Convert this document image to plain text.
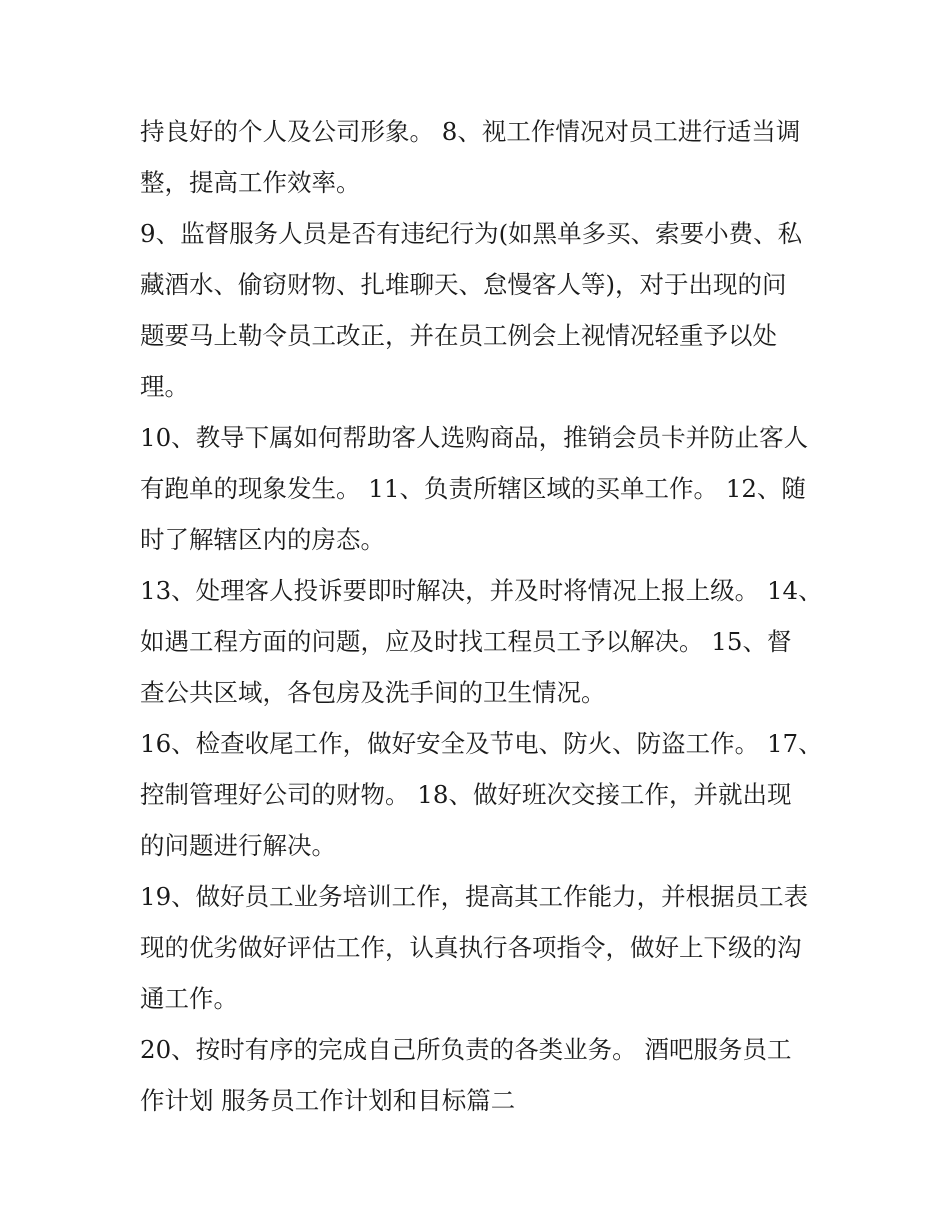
持良好的个人及公司形象。 8、视工作情况对员工进行适当调
整，提高工作效率。
9、监督服务人员是否有违纪行为(如黑单多买、索要小费、私
藏酒水、偷窃财物、扎堆聊天、怠慢客人等)，对于出现的问
题要马上勒令员工改正，并在员工例会上视情况轻重予以处
理。
10、教导下属如何帮助客人选购商品，推销会员卡并防止客人
有跑单的现象发生。 11、负责所辖区域的买单工作。 12、随
时了解辖区内的房态。
13、处理客人投诉要即时解决，并及时将情况上报上级。 14、
如遇工程方面的问题，应及时找工程员工予以解决。 15、督
查公共区域，各包房及洗手间的卫生情况。
16、检查收尾工作，做好安全及节电、防火、防盗工作。 17、
控制管理好公司的财物。 18、做好班次交接工作，并就出现
的问题进行解决。
19、做好员工业务培训工作，提高其工作能力，并根据员工表
现的优劣做好评估工作，认真执行各项指令，做好上下级的沟
通工作。
20、按时有序的完成自己所负责的各类业务。 酒吧服务员工
作计划 服务员工作计划和目标篇二
